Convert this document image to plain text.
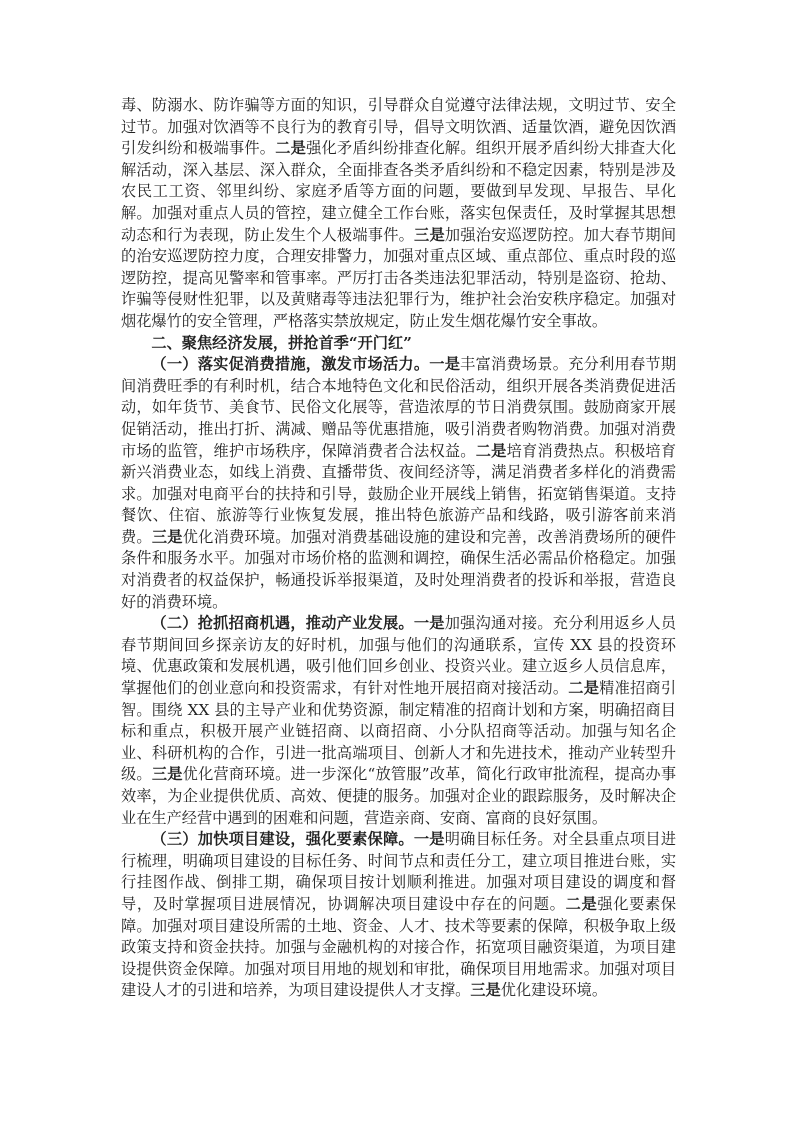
毒、防溺水、防诈骗等方面的知识，引导群众自觉遵守法律法规，文明过节、安全过节。加强对饮酒等不良行为的教育引导，倡导文明饮酒、适量饮酒，避免因饮酒引发纠纷和极端事件。二是强化矛盾纠纷排查化解。组织开展矛盾纠纷大排查大化解活动，深入基层、深入群众，全面排查各类矛盾纠纷和不稳定因素，特别是涉及农民工工资、邻里纠纷、家庭矛盾等方面的问题，要做到早发现、早报告、早化解。加强对重点人员的管控，建立健全工作台账，落实包保责任，及时掌握其思想动态和行为表现，防止发生个人极端事件。三是加强治安巡逻防控。加大春节期间的治安巡逻防控力度，合理安排警力，加强对重点区域、重点部位、重点时段的巡逻防控，提高见警率和管事率。严厉打击各类违法犯罪活动，特别是盗窃、抢劫、诈骗等侵财性犯罪，以及黄赌毒等违法犯罪行为，维护社会治安秩序稳定。加强对烟花爆竹的安全管理，严格落实禁放规定，防止发生烟花爆竹安全事故。

二、聚焦经济发展，拼抢首季“开门红”

（一）落实促消费措施，激发市场活力。一是丰富消费场景。充分利用春节期间消费旺季的有利时机，结合本地特色文化和民俗活动，组织开展各类消费促进活动，如年货节、美食节、民俗文化展等，营造浓厚的节日消费氛围。鼓励商家开展促销活动，推出打折、满减、赠品等优惠措施，吸引消费者购物消费。加强对消费市场的监管，维护市场秩序，保障消费者合法权益。二是培育消费热点。积极培育新兴消费业态，如线上消费、直播带货、夜间经济等，满足消费者多样化的消费需求。加强对电商平台的扶持和引导，鼓励企业开展线上销售，拓宽销售渠道。支持餐饮、住宿、旅游等行业恢复发展，推出特色旅游产品和线路，吸引游客前来消费。三是优化消费环境。加强对消费基础设施的建设和完善，改善消费场所的硬件条件和服务水平。加强对市场价格的监测和调控，确保生活必需品价格稳定。加强对消费者的权益保护，畅通投诉举报渠道，及时处理消费者的投诉和举报，营造良好的消费环境。

（二）抢抓招商机遇，推动产业发展。一是加强沟通对接。充分利用返乡人员春节期间回乡探亲访友的好时机，加强与他们的沟通联系，宣传 XX 县的投资环境、优惠政策和发展机遇，吸引他们回乡创业、投资兴业。建立返乡人员信息库，掌握他们的创业意向和投资需求，有针对性地开展招商对接活动。二是精准招商引智。围绕 XX 县的主导产业和优势资源，制定精准的招商计划和方案，明确招商目标和重点，积极开展产业链招商、以商招商、小分队招商等活动。加强与知名企业、科研机构的合作，引进一批高端项目、创新人才和先进技术，推动产业转型升级。三是优化营商环境。进一步深化“放管服”改革，简化行政审批流程，提高办事效率，为企业提供优质、高效、便捷的服务。加强对企业的跟踪服务，及时解决企业在生产经营中遇到的困难和问题，营造亲商、安商、富商的良好氛围。

（三）加快项目建设，强化要素保障。一是明确目标任务。对全县重点项目进行梳理，明确项目建设的目标任务、时间节点和责任分工，建立项目推进台账，实行挂图作战、倒排工期，确保项目按计划顺利推进。加强对项目建设的调度和督导，及时掌握项目进展情况，协调解决项目建设中存在的问题。二是强化要素保障。加强对项目建设所需的土地、资金、人才、技术等要素的保障，积极争取上级政策支持和资金扶持。加强与金融机构的对接合作，拓宽项目融资渠道，为项目建设提供资金保障。加强对项目用地的规划和审批，确保项目用地需求。加强对项目建设人才的引进和培养，为项目建设提供人才支撑。三是优化建设环境。
